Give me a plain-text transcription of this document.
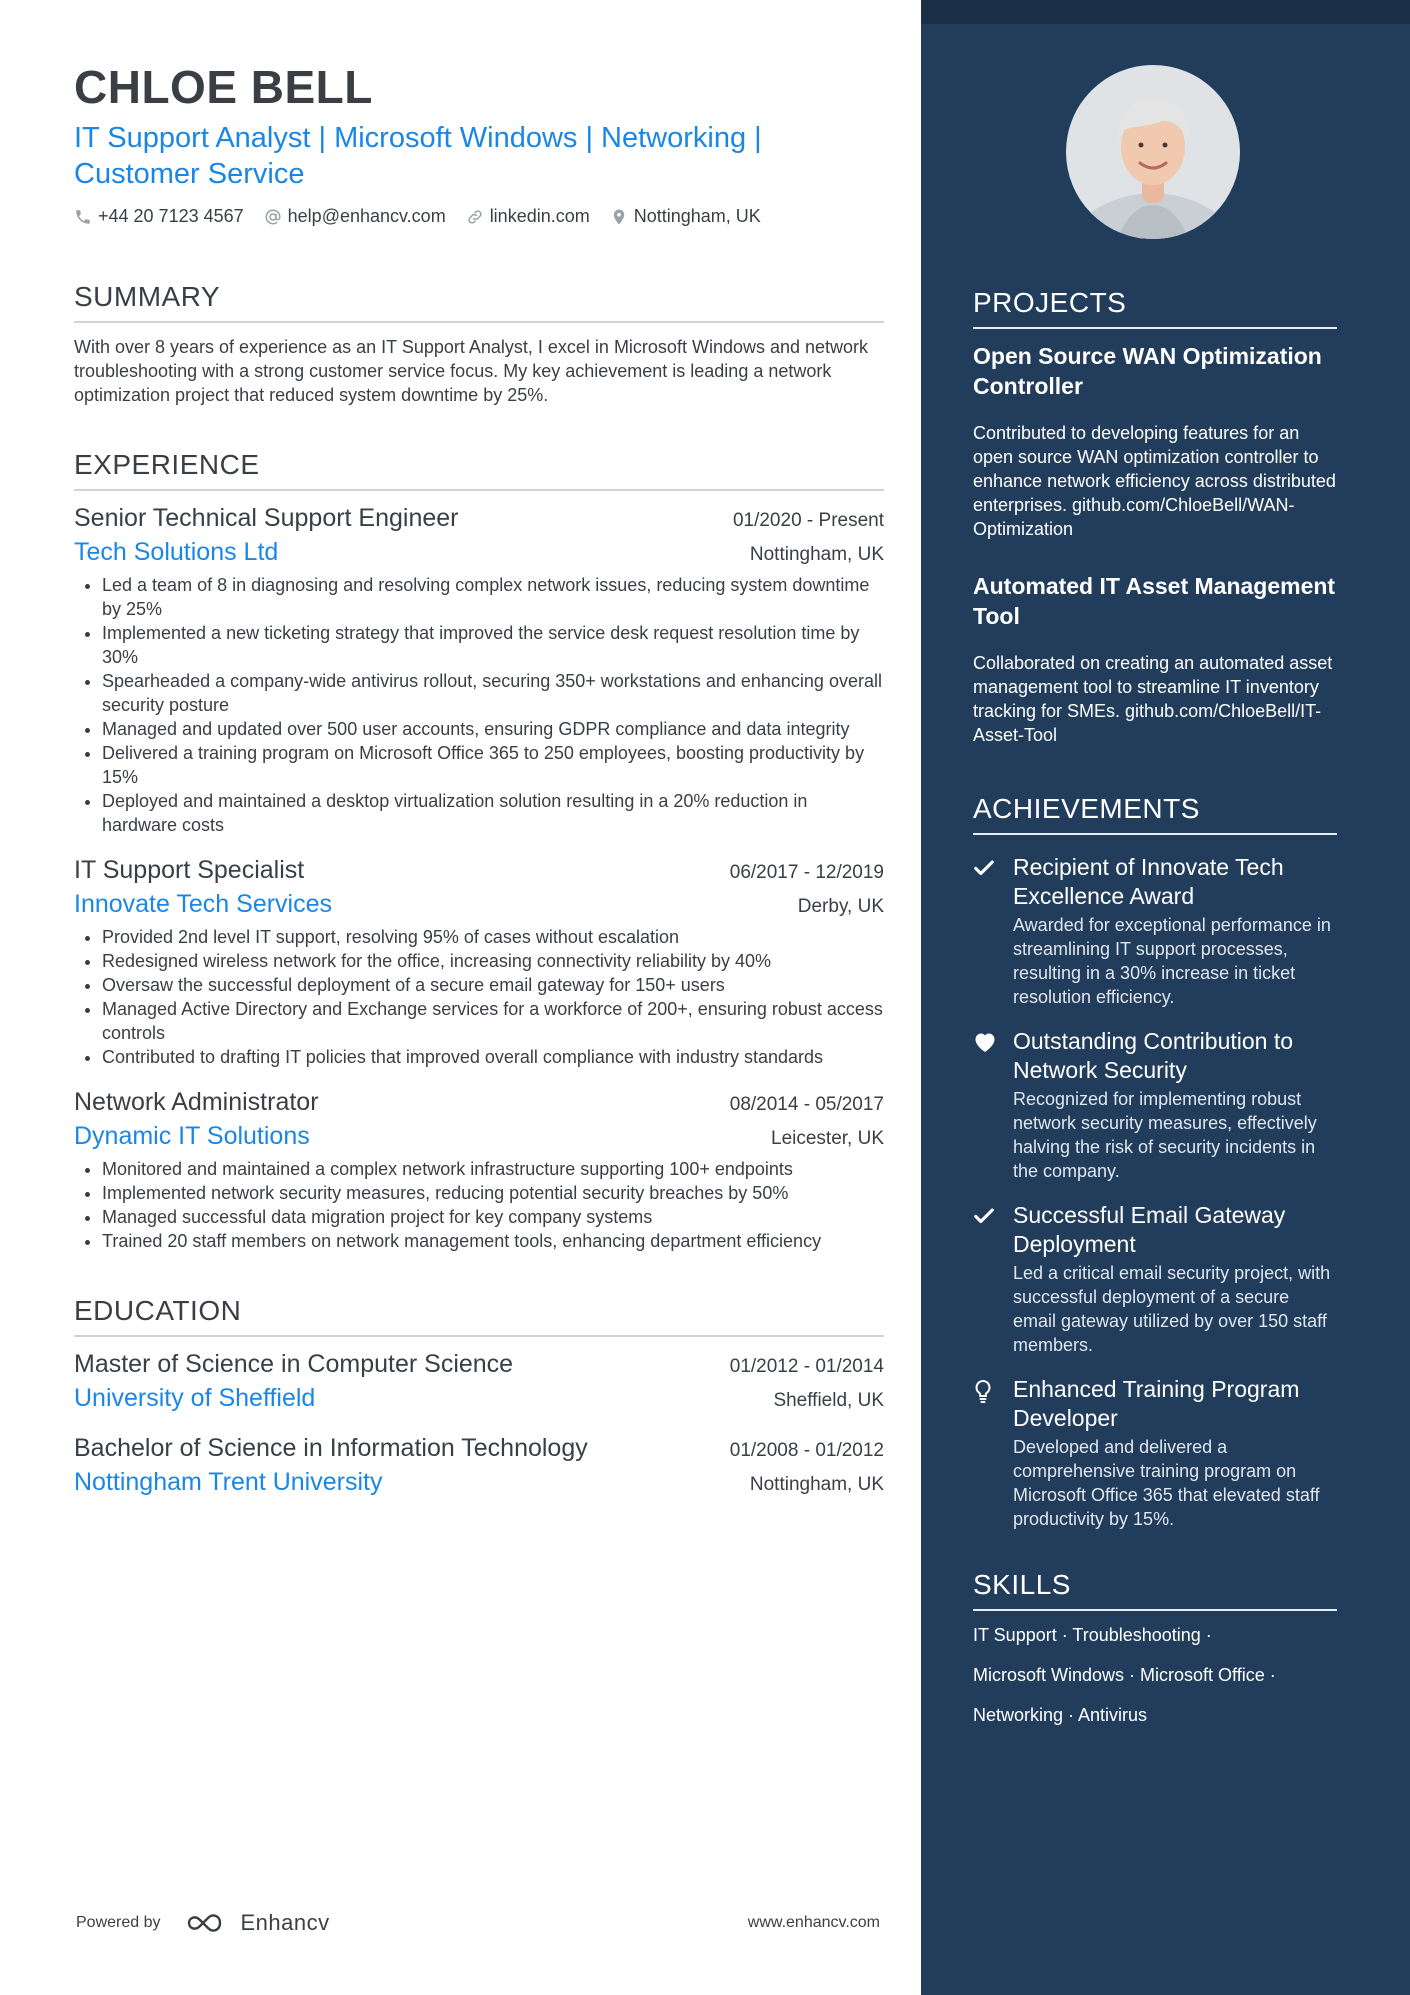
CHLOE BELL
IT Support Analyst | Microsoft Windows | Networking | Customer Service
+44 20 7123 4567 help@enhancv.com linkedin.com Nottingham, UK
SUMMARY
With over 8 years of experience as an IT Support Analyst, I excel in Microsoft Windows and network troubleshooting with a strong customer service focus. My key achievement is leading a network optimization project that reduced system downtime by 25%.
EXPERIENCE
Senior Technical Support Engineer	01/2020 - Present
Tech Solutions Ltd	Nottingham, UK
• Led a team of 8 in diagnosing and resolving complex network issues, reducing system downtime by 25%
• Implemented a new ticketing strategy that improved the service desk request resolution time by 30%
• Spearheaded a company-wide antivirus rollout, securing 350+ workstations and enhancing overall security posture
• Managed and updated over 500 user accounts, ensuring GDPR compliance and data integrity
• Delivered a training program on Microsoft Office 365 to 250 employees, boosting productivity by 15%
• Deployed and maintained a desktop virtualization solution resulting in a 20% reduction in hardware costs
IT Support Specialist	06/2017 - 12/2019
Innovate Tech Services	Derby, UK
• Provided 2nd level IT support, resolving 95% of cases without escalation
• Redesigned wireless network for the office, increasing connectivity reliability by 40%
• Oversaw the successful deployment of a secure email gateway for 150+ users
• Managed Active Directory and Exchange services for a workforce of 200+, ensuring robust access controls
• Contributed to drafting IT policies that improved overall compliance with industry standards
Network Administrator	08/2014 - 05/2017
Dynamic IT Solutions	Leicester, UK
• Monitored and maintained a complex network infrastructure supporting 100+ endpoints
• Implemented network security measures, reducing potential security breaches by 50%
• Managed successful data migration project for key company systems
• Trained 20 staff members on network management tools, enhancing department efficiency
EDUCATION
Master of Science in Computer Science	01/2012 - 01/2014
University of Sheffield	Sheffield, UK
Bachelor of Science in Information Technology	01/2008 - 01/2012
Nottingham Trent University	Nottingham, UK
Powered by	Enhancv	www.enhancv.com
PROJECTS
Open Source WAN Optimization Controller
Contributed to developing features for an open source WAN optimization controller to enhance network efficiency across distributed enterprises. github.com/ChloeBell/WAN-Optimization
Automated IT Asset Management Tool
Collaborated on creating an automated asset management tool to streamline IT inventory tracking for SMEs. github.com/ChloeBell/IT-Asset-Tool
ACHIEVEMENTS
Recipient of Innovate Tech Excellence Award
Awarded for exceptional performance in streamlining IT support processes, resulting in a 30% increase in ticket resolution efficiency.
Outstanding Contribution to Network Security
Recognized for implementing robust network security measures, effectively halving the risk of security incidents in the company.
Successful Email Gateway Deployment
Led a critical email security project, with successful deployment of a secure email gateway utilized by over 150 staff members.
Enhanced Training Program Developer
Developed and delivered a comprehensive training program on Microsoft Office 365 that elevated staff productivity by 15%.
SKILLS
IT Support · Troubleshooting ·
Microsoft Windows · Microsoft Office ·
Networking · Antivirus
